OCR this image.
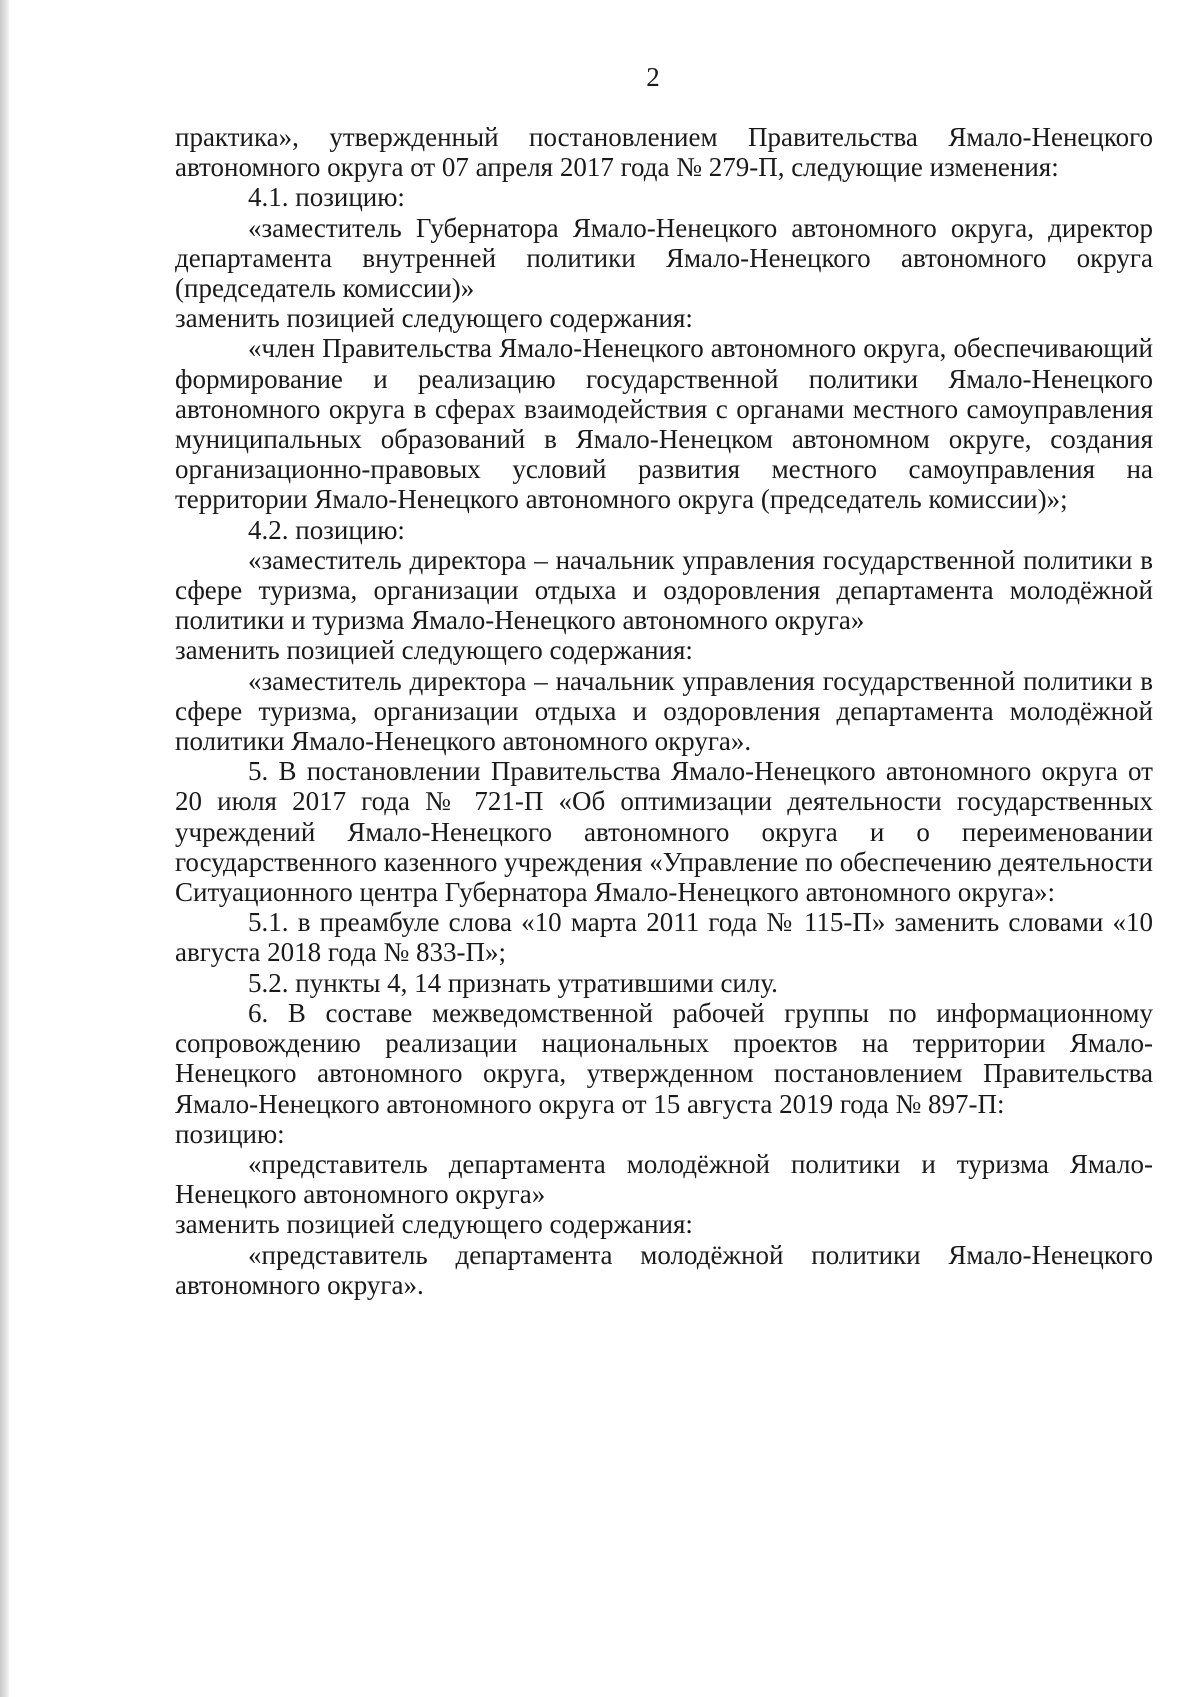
2

практика», утвержденный постановлением Правительства Ямало-Ненецкого автономного округа от 07 апреля 2017 года № 279-П, следующие изменения:

4.1. позицию:

«заместитель Губернатора Ямало-Ненецкого автономного округа, директор департамента внутренней политики Ямало-Ненецкого автономного округа (председатель комиссии)»

заменить позицией следующего содержания:

«член Правительства Ямало-Ненецкого автономного округа, обеспечивающий формирование и реализацию государственной политики Ямало-Ненецкого автономного округа в сферах взаимодействия с органами местного самоуправления муниципальных образований в Ямало-Ненецком автономном округе, создания организационно-правовых условий развития местного самоуправления на территории Ямало-Ненецкого автономного округа (председатель комиссии)»;

4.2. позицию:

«заместитель директора – начальник управления государственной политики в сфере туризма, организации отдыха и оздоровления департамента молодёжной политики и туризма Ямало-Ненецкого автономного округа»

заменить позицией следующего содержания:

«заместитель директора – начальник управления государственной политики в сфере туризма, организации отдыха и оздоровления департамента молодёжной политики Ямало-Ненецкого автономного округа».

5. В постановлении Правительства Ямало-Ненецкого автономного округа от 20 июля 2017 года № 721-П «Об оптимизации деятельности государственных учреждений Ямало-Ненецкого автономного округа и о переименовании государственного казенного учреждения «Управление по обеспечению деятельности Ситуационного центра Губернатора Ямало-Ненецкого автономного округа»:

5.1. в преамбуле слова «10 марта 2011 года № 115-П» заменить словами «10 августа 2018 года № 833-П»;

5.2. пункты 4, 14 признать утратившими силу.

6. В составе межведомственной рабочей группы по информационному сопровождению реализации национальных проектов на территории Ямало-Ненецкого автономного округа, утвержденном постановлением Правительства Ямало-Ненецкого автономного округа от 15 августа 2019 года № 897-П:

позицию:

«представитель департамента молодёжной политики и туризма Ямало-Ненецкого автономного округа»

заменить позицией следующего содержания:

«представитель департамента молодёжной политики Ямало-Ненецкого автономного округа».
